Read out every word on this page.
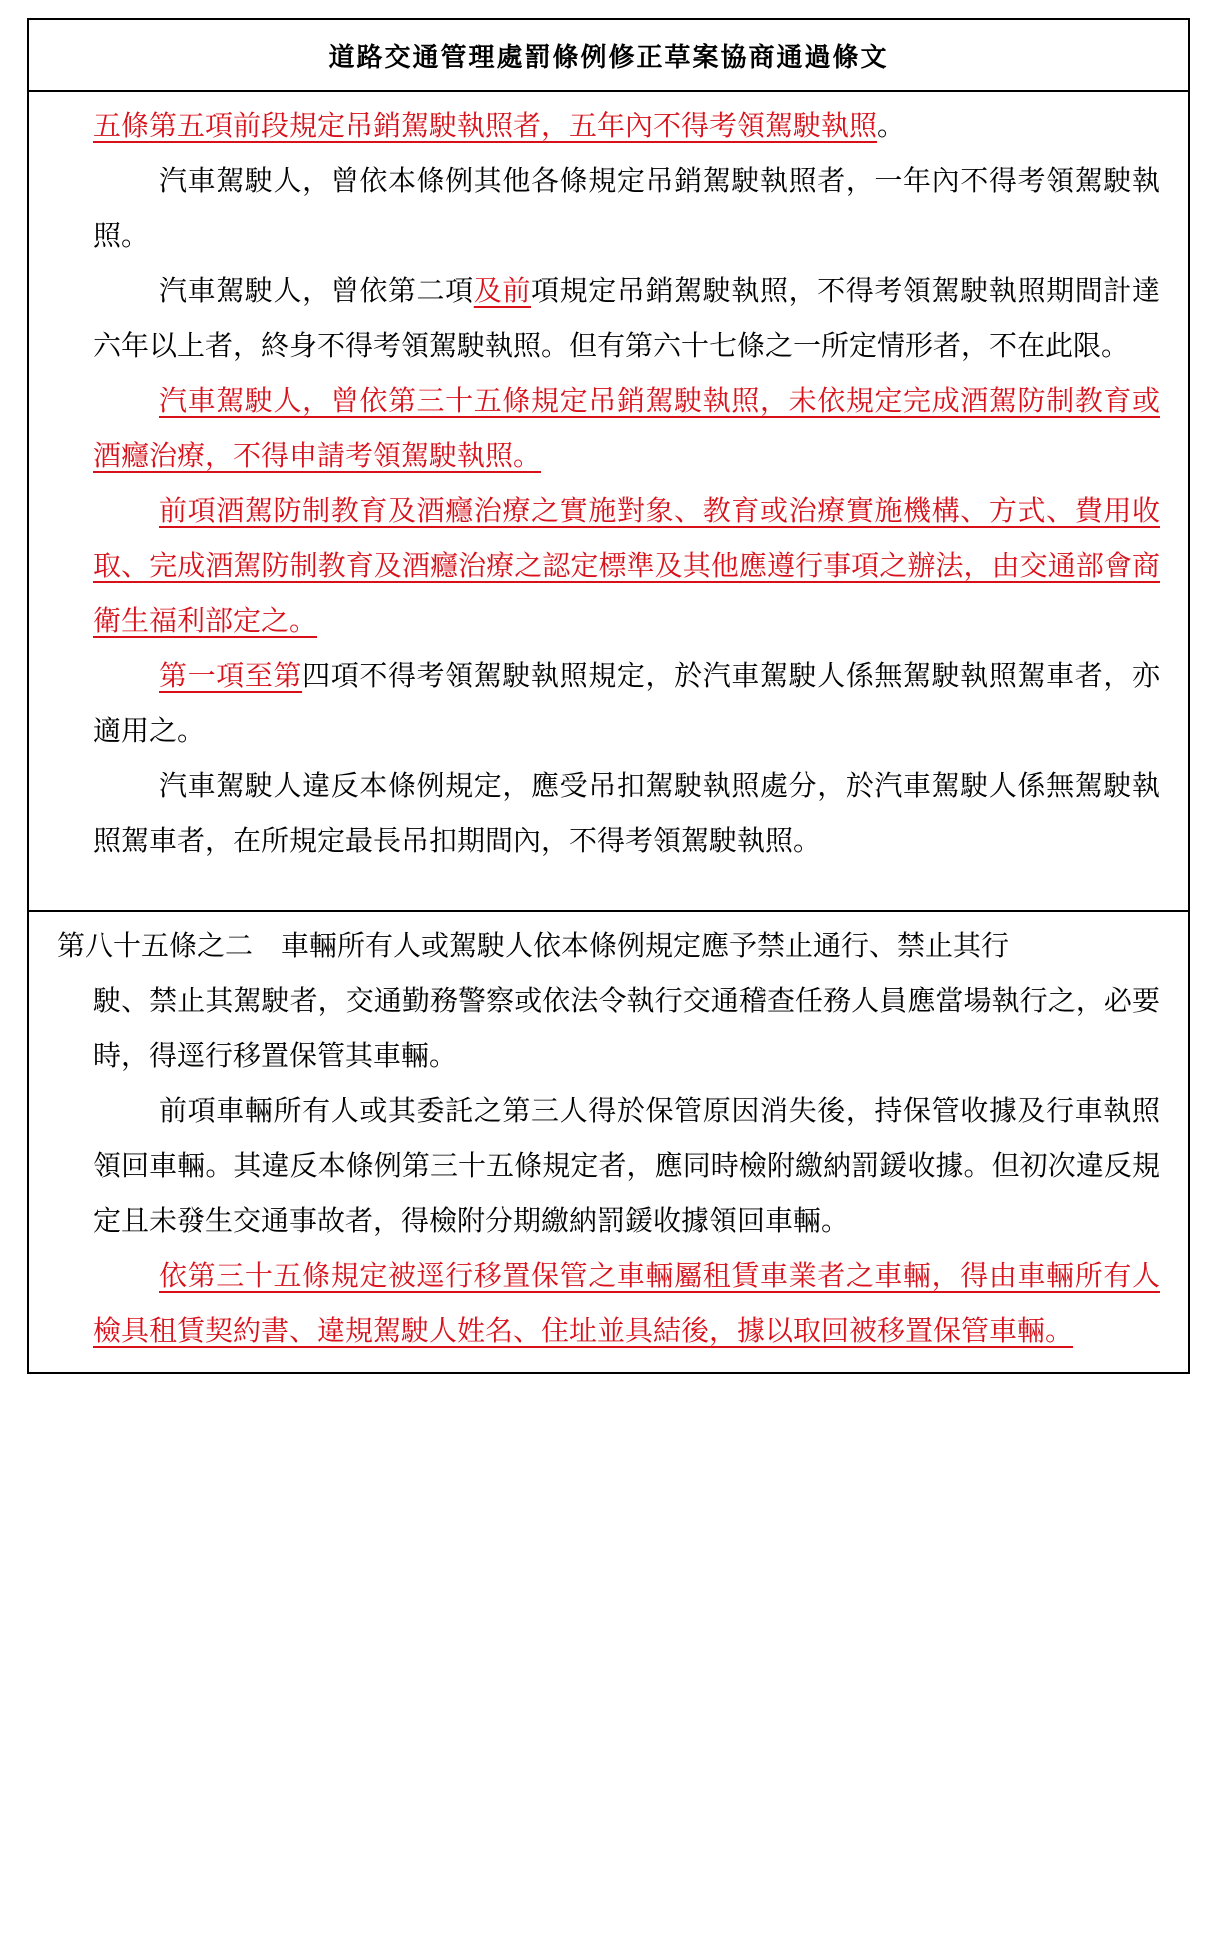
道路交通管理處罰條例修正草案協商通過條文

五條第五項前段規定吊銷駕駛執照者，五年內不得考領駕駛執照。

汽車駕駛人，曾依本條例其他各條規定吊銷駕駛執照者，一年內不得考領駕駛執照。

汽車駕駛人，曾依第二項及前項規定吊銷駕駛執照，不得考領駕駛執照期間計達六年以上者，終身不得考領駕駛執照。但有第六十七條之一所定情形者，不在此限。

汽車駕駛人，曾依第三十五條規定吊銷駕駛執照，未依規定完成酒駕防制教育或酒癮治療，不得申請考領駕駛執照。

前項酒駕防制教育及酒癮治療之實施對象、教育或治療實施機構、方式、費用收取、完成酒駕防制教育及酒癮治療之認定標準及其他應遵行事項之辦法，由交通部會商衛生福利部定之。

第一項至第四項不得考領駕駛執照規定，於汽車駕駛人係無駕駛執照駕車者，亦適用之。

汽車駕駛人違反本條例規定，應受吊扣駕駛執照處分，於汽車駕駛人係無駕駛執照駕車者，在所規定最長吊扣期間內，不得考領駕駛執照。

第八十五條之二  車輛所有人或駕駛人依本條例規定應予禁止通行、禁止其行
駛、禁止其駕駛者，交通勤務警察或依法令執行交通稽查任務人員應當場執行之，必要時，得逕行移置保管其車輛。

前項車輛所有人或其委託之第三人得於保管原因消失後，持保管收據及行車執照領回車輛。其違反本條例第三十五條規定者，應同時檢附繳納罰鍰收據。但初次違反規定且未發生交通事故者，得檢附分期繳納罰鍰收據領回車輛。

依第三十五條規定被逕行移置保管之車輛屬租賃車業者之車輛，得由車輛所有人檢具租賃契約書、違規駕駛人姓名、住址並具結後，據以取回被移置保管車輛。
